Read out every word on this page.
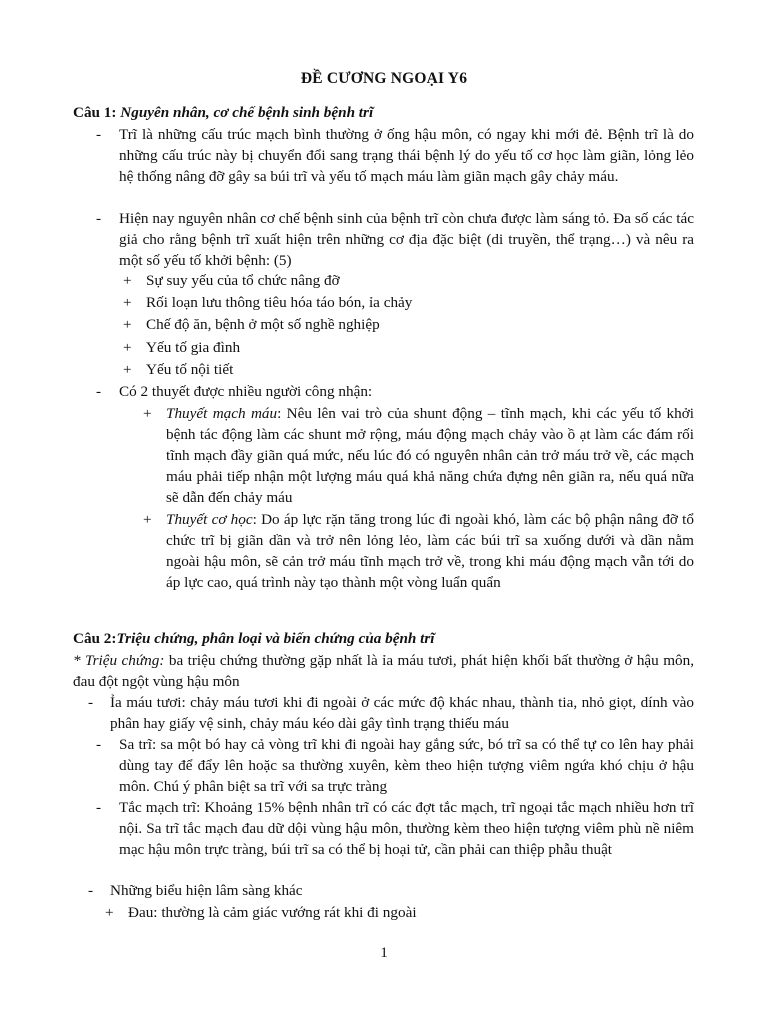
ĐỀ CƯƠNG NGOẠI Y6
Câu 1: Nguyên nhân, cơ chế bệnh sinh bệnh trĩ
- Trĩ là những cấu trúc mạch bình thường ở ống hậu môn, có ngay khi mới đẻ. Bệnh trĩ là do những cấu trúc này bị chuyển đổi sang trạng thái bệnh lý do yếu tố cơ học làm giãn, lỏng lẻo hệ thống nâng đỡ gây sa búi trĩ và yếu tố mạch máu làm giãn mạch gây chảy máu.
- Hiện nay nguyên nhân cơ chế bệnh sinh của bệnh trĩ còn chưa được làm sáng tỏ. Đa số các tác giả cho rằng bệnh trĩ xuất hiện trên những cơ địa đặc biệt (di truyền, thể trạng…) và nêu ra một số yếu tố khởi bệnh: (5)
+ Sự suy yếu của tổ chức nâng đỡ
+ Rối loạn lưu thông tiêu hóa táo bón, ỉa chảy
+ Chế độ ăn, bệnh ở một số nghề nghiệp
+ Yếu tố gia đình
+ Yếu tố nội tiết
- Có 2 thuyết được nhiều người công nhận:
+ Thuyết mạch máu: Nêu lên vai trò của shunt động – tĩnh mạch, khi các yếu tố khởi bệnh tác động làm các shunt mở rộng, máu động mạch chảy vào ồ ạt làm các đám rối tĩnh mạch đầy giãn quá mức, nếu lúc đó có nguyên nhân cản trở máu trở về, các mạch máu phải tiếp nhận một lượng máu quá khả năng chứa đựng nên giãn ra, nếu quá nữa sẽ dẫn đến chảy máu
+ Thuyết cơ học: Do áp lực rặn tăng trong lúc đi ngoài khó, làm các bộ phận nâng đỡ tổ chức trĩ bị giãn dần và trở nên lỏng lẻo, làm các búi trĩ sa xuống dưới và dần nằm ngoài hậu môn, sẽ cản trở máu tĩnh mạch trở về, trong khi máu động mạch vẫn tới do áp lực cao, quá trình này tạo thành một vòng luẩn quẩn
Câu 2:Triệu chứng, phân loại và biến chứng của bệnh trĩ
* Triệu chứng: ba triệu chứng thường gặp nhất là ỉa máu tươi, phát hiện khối bất thường ở hậu môn, đau đột ngột vùng hậu môn
- Ỉa máu tươi: chảy máu tươi khi đi ngoài ở các mức độ khác nhau, thành tia, nhỏ giọt, dính vào phân hay giấy vệ sinh, chảy máu kéo dài gây tình trạng thiếu máu
- Sa trĩ: sa một bó hay cả vòng trĩ khi đi ngoài hay gắng sức, bó trĩ sa có thể tự co lên hay phải dùng tay để đẩy lên hoặc sa thường xuyên, kèm theo hiện tượng viêm ngứa khó chịu ở hậu môn. Chú ý phân biệt sa trĩ với sa trực tràng
- Tắc mạch trĩ: Khoảng 15% bệnh nhân trĩ có các đợt tắc mạch, trĩ ngoại tắc mạch nhiều hơn trĩ nội. Sa trĩ tắc mạch đau dữ dội vùng hậu môn, thường kèm theo hiện tượng viêm phù nề niêm mạc hậu môn trực tràng, búi trĩ sa có thể bị hoại tử, cần phải can thiệp phẫu thuật
- Những biểu hiện lâm sàng khác
+ Đau: thường là cảm giác vướng rát khi đi ngoài
1
